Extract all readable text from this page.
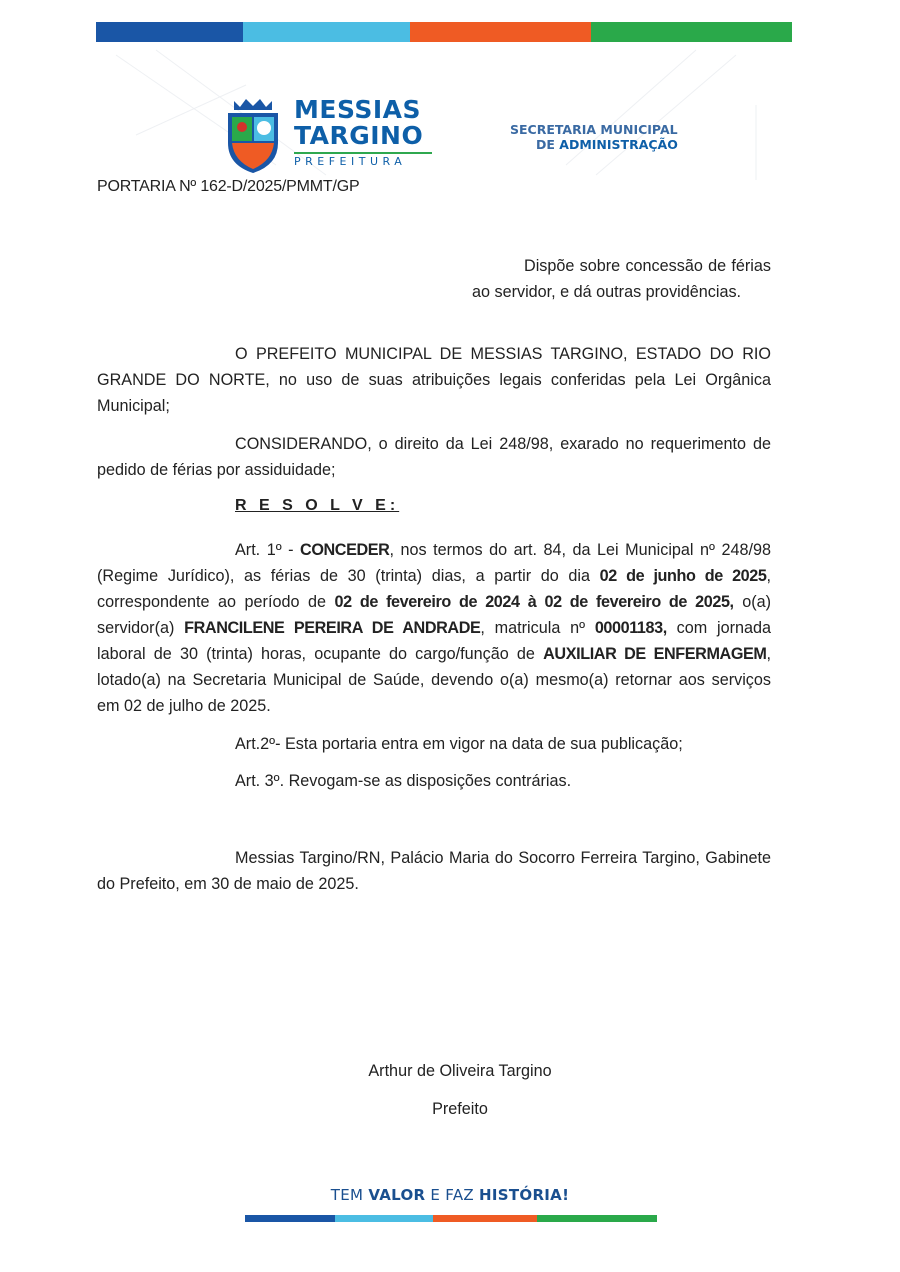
MESSIAS
TARGINO
PREFEITURA
SECRETARIA MUNICIPAL
DE ADMINISTRAÇÃO
PORTARIA Nº 162-D/2025/PMMT/GP
Dispõe sobre concessão de férias ao servidor, e dá outras providências.

O PREFEITO MUNICIPAL DE MESSIAS TARGINO, ESTADO DO RIO GRANDE DO NORTE, no uso de suas atribuições legais conferidas pela Lei Orgânica Municipal;

CONSIDERANDO, o direito da Lei 248/98, exarado no requerimento de pedido de férias por assiduidade;

R E S O L V E:

Art. 1º - CONCEDER, nos termos do art. 84, da Lei Municipal nº 248/98 (Regime Jurídico), as férias de 30 (trinta) dias, a partir do dia 02 de junho de 2025, correspondente ao período de 02 de fevereiro de 2024 à 02 de fevereiro de 2025, o(a) servidor(a) FRANCILENE PEREIRA DE ANDRADE, matricula nº 00001183, com jornada laboral de 30 (trinta) horas, ocupante do cargo/função de AUXILIAR DE ENFERMAGEM, lotado(a) na Secretaria Municipal de Saúde, devendo o(a) mesmo(a) retornar aos serviços em 02 de julho de 2025.

Art.2º- Esta portaria entra em vigor na data de sua publicação;

Art. 3º. Revogam-se as disposições contrárias.

Messias Targino/RN, Palácio Maria do Socorro Ferreira Targino, Gabinete do Prefeito, em 30 de maio de 2025.

Arthur de Oliveira Targino
Prefeito
TEM VALOR E FAZ HISTÓRIA!
